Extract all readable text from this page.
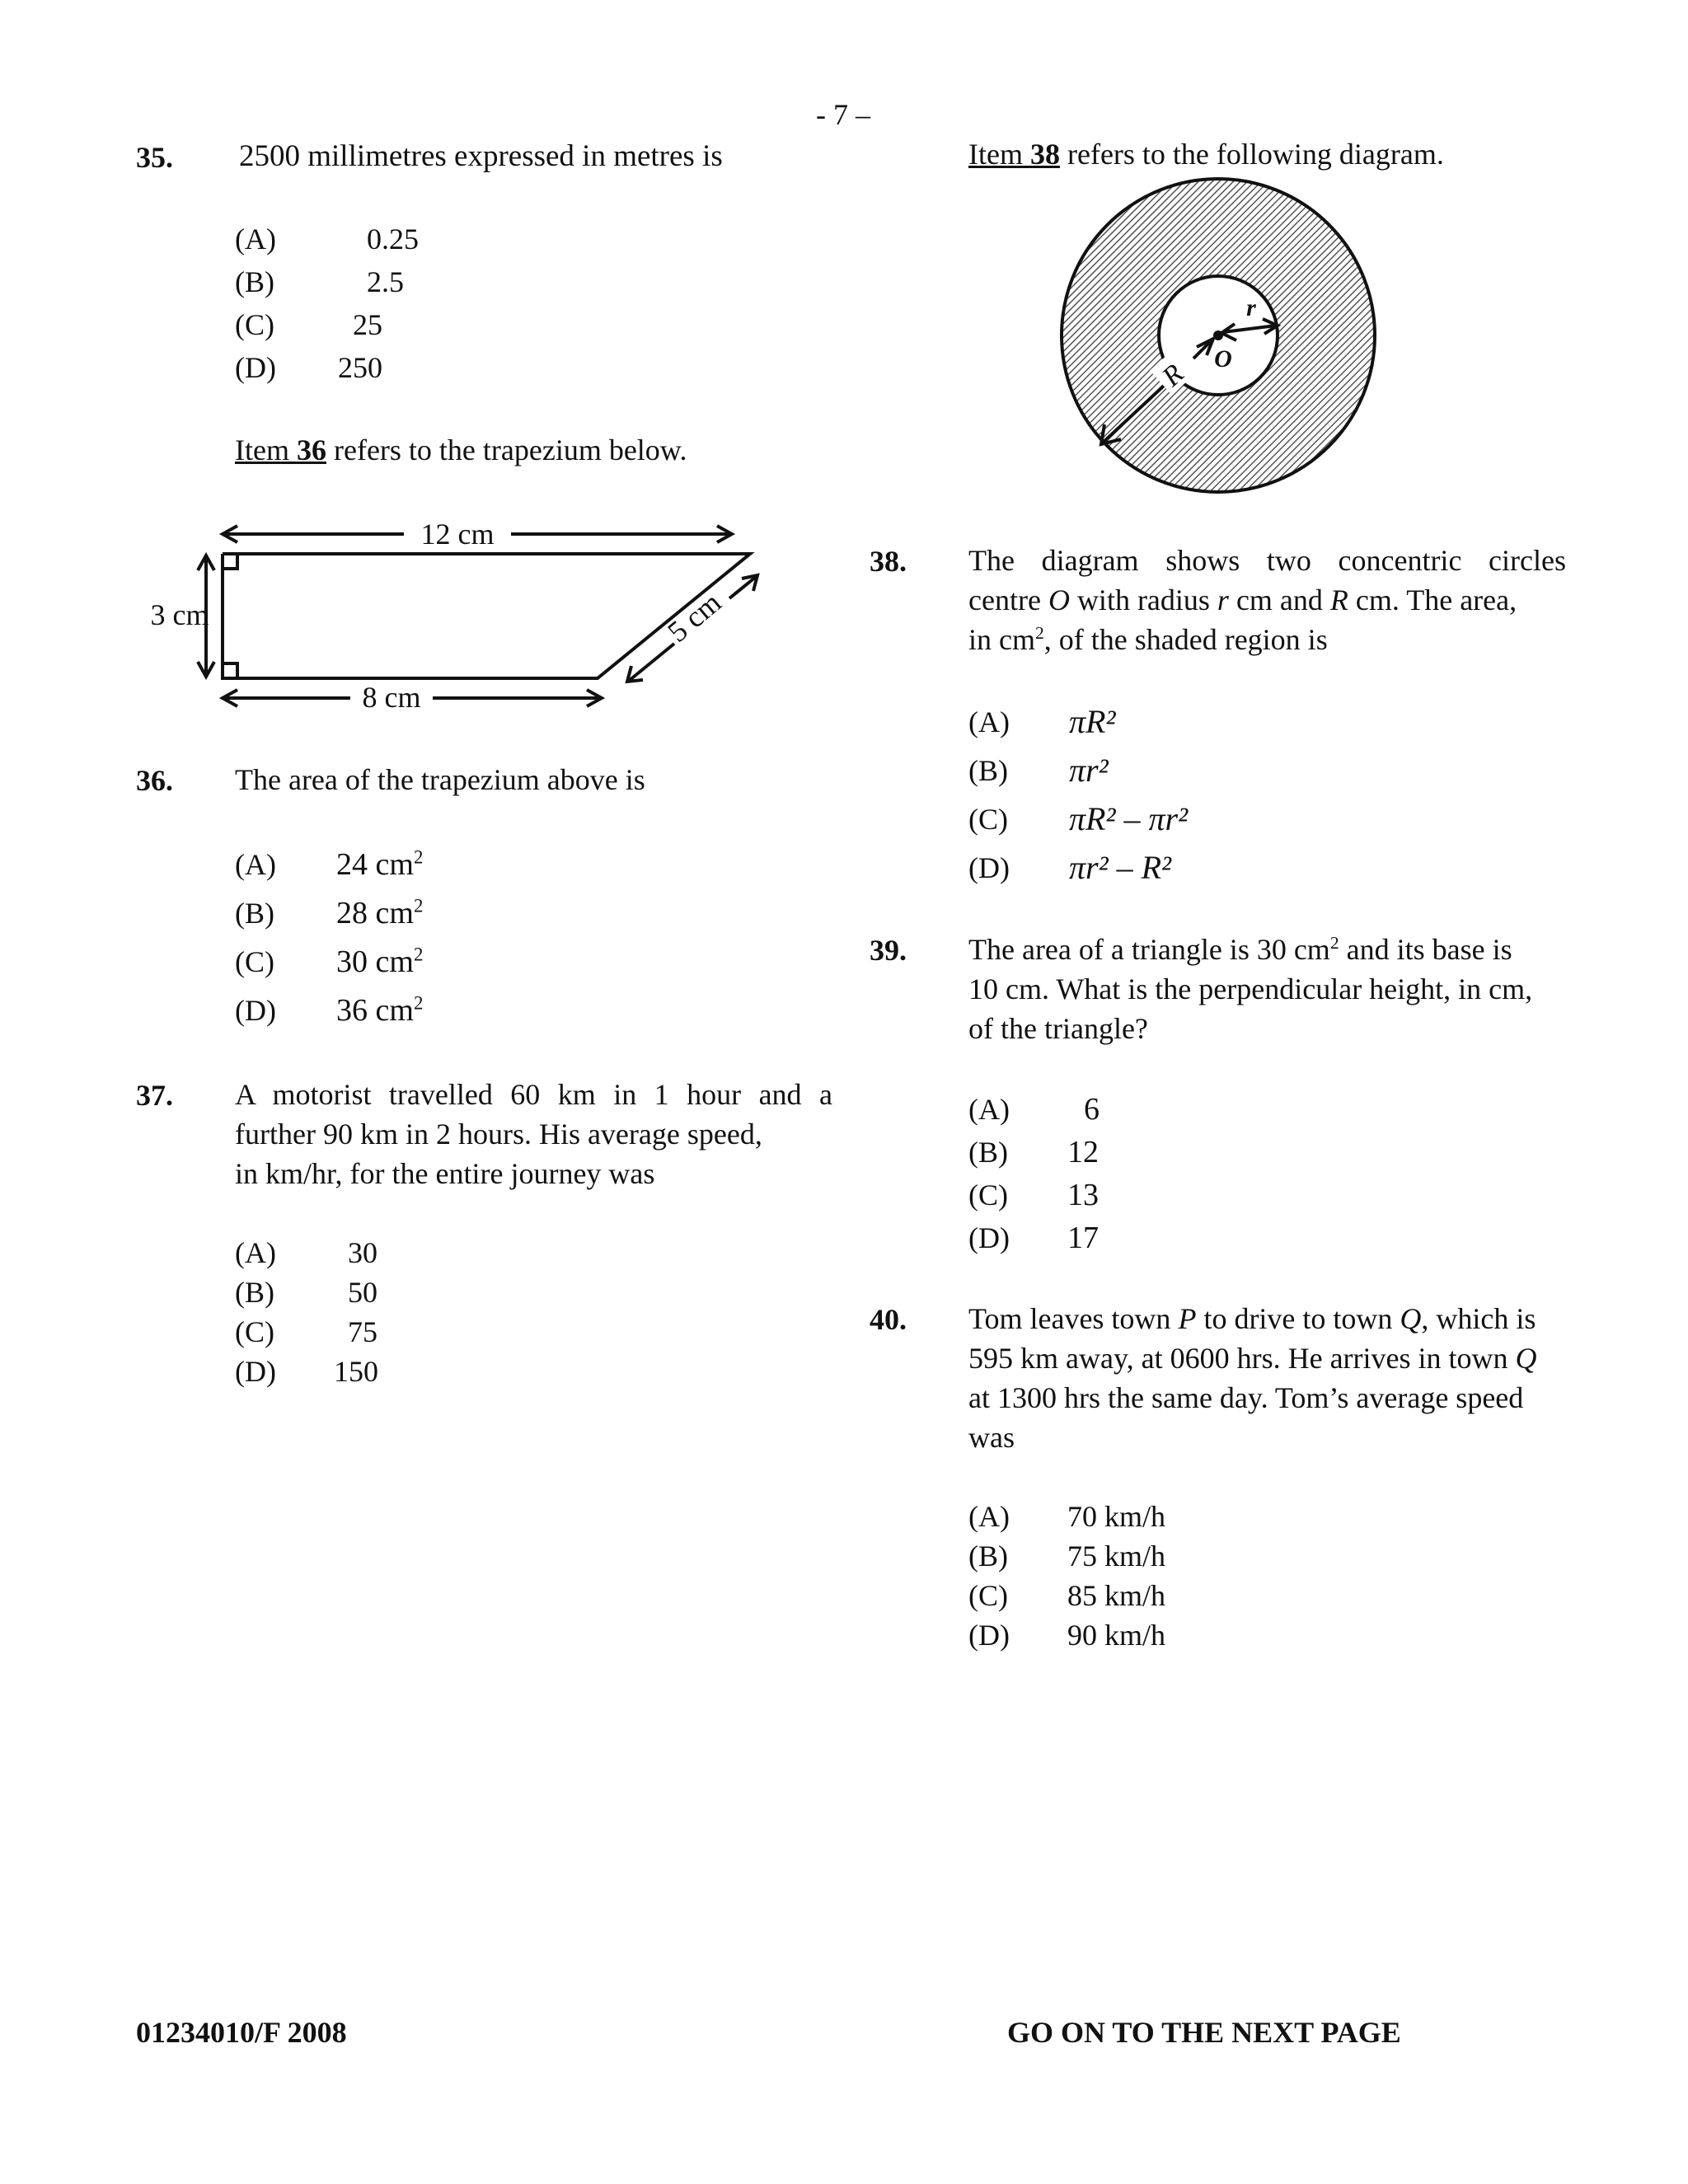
- 7 –
35. 2500 millimetres expressed in metres is
(A)	0.25
(B)	2.5
(C)	25
(D) 250
Item 36 refers to the trapezium below.
12 cm
8 cm
3 cm	5 cm
36. The area of the trapezium above is
(A) 24 $cm^2$
(B) 28 $cm^2$
(C) 30 $cm^2$
(D) 36 $cm^2$
37. A motorist travelled 60 km in 1 hour and a
further 90 km in 2 hours. His average speed,
in km/hr, for the entire journey was
(A) 30
(B) 50
(C) 75
(D) 150
Item 38 refers to the following diagram.
R
r
O
38. The diagram shows two concentric circles
centre O with radius r cm and R cm. The area,
in $cm^2$, of the shaded region is
(A) πR²
(B) πr²
(C) πR² – πr²
(D) πr² – R²
39. The area of a triangle is 30 $cm^2$ and its base is
10 cm. What is the perpendicular height, in cm,
of the triangle?
(A) 6
(B) 12
(C) 13
(D) 17
40. Tom leaves town P to drive to town Q, which is
595 km away, at 0600 hrs. He arrives in town Q
at 1300 hrs the same day. Tom’s average speed
was
(A) 70 km/h
(B) 75 km/h
(C) 85 km/h
(D) 90 km/h
01234010/F 2008	GO ON TO THE NEXT PAGE
